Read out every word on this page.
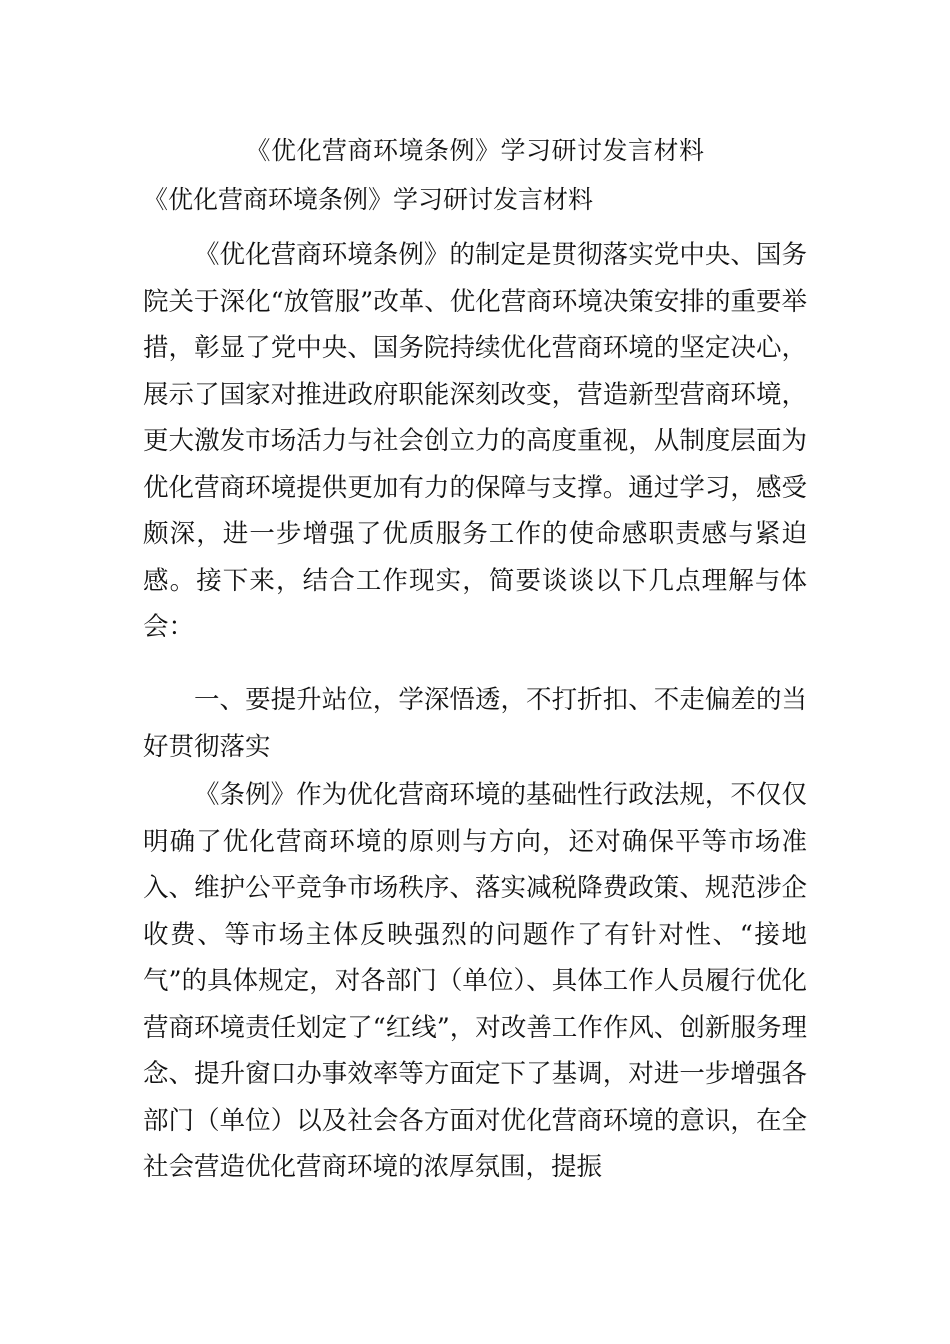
《优化营商环境条例》学习研讨发言材料
《优化营商环境条例》学习研讨发言材料

《优化营商环境条例》的制定是贯彻落实党中央、国务院关于深化“放管服”改革、优化营商环境决策安排的重要举措，彰显了党中央、国务院持续优化营商环境的坚定决心，展示了国家对推进政府职能深刻改变，营造新型营商环境，更大激发市场活力与社会创立力的高度重视，从制度层面为优化营商环境提供更加有力的保障与支撑。通过学习，感受颇深，进一步增强了优质服务工作的使命感职责感与紧迫感。接下来，结合工作现实，简要谈谈以下几点理解与体会：

一、要提升站位，学深悟透，不打折扣、不走偏差的当好贯彻落实

《条例》作为优化营商环境的基础性行政法规，不仅仅明确了优化营商环境的原则与方向，还对确保平等市场准入、维护公平竞争市场秩序、落实减税降费政策、规范涉企收费、等市场主体反映强烈的问题作了有针对性、“接地气”的具体规定，对各部门（单位）、具体工作人员履行优化营商环境责任划定了“红线”，对改善工作作风、创新服务理念、提升窗口办事效率等方面定下了基调，对进一步增强各部门（单位）以及社会各方面对优化营商环境的意识，在全社会营造优化营商环境的浓厚氛围，提振
